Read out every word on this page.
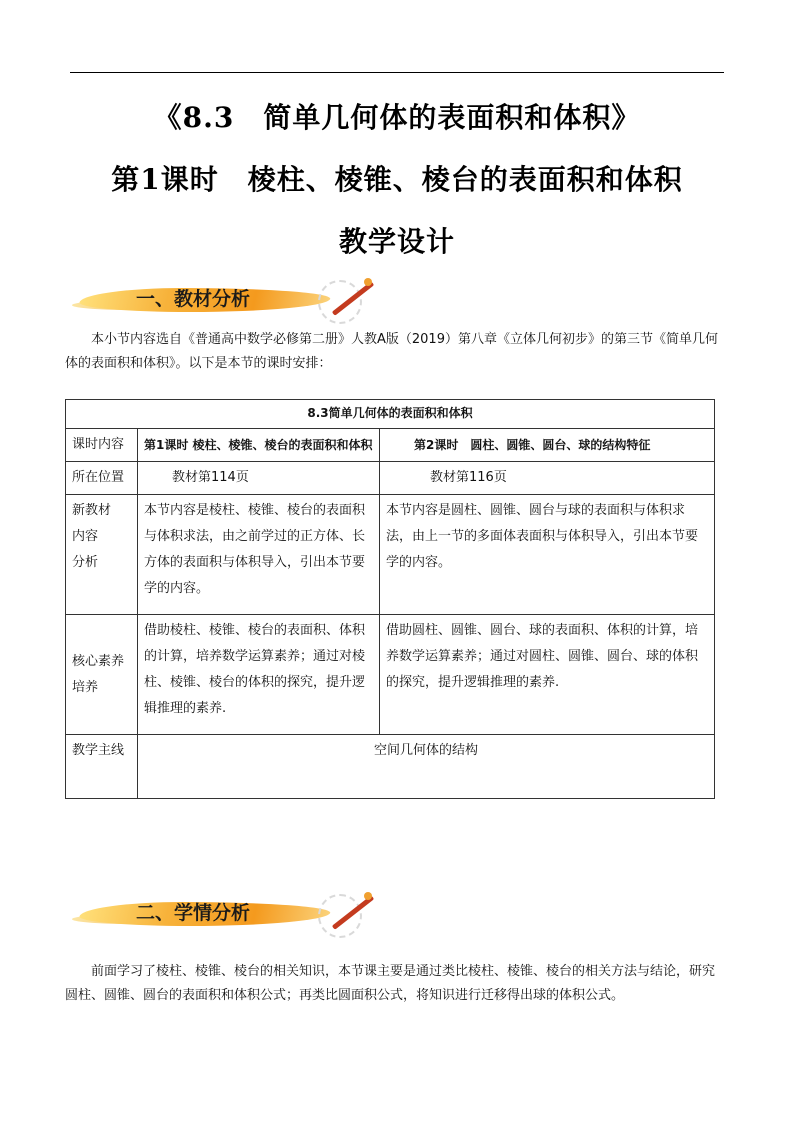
《8.3　简单几何体的表面积和体积》
第1课时　棱柱、棱锥、棱台的表面积和体积
教学设计
一、教材分析
本小节内容选自《普通高中数学必修第二册》人教A版（2019）第八章《立体几何初步》的第三节《简单几何体的表面积和体积》。以下是本节的课时安排：
8.3简单几何体的表面积和体积		
课时内容	第1课时 棱柱、棱锥、棱台的表面积和体积	第2课时　圆柱、圆锥、圆台、球的结构特征
所在位置	教材第114页	教材第116页

新教材
内容
分析	本节内容是棱柱、棱锥、棱台的表面积与体积求法，由之前学过的正方体、长方体的表面积与体积导入，引出本节要学的内容。	本节内容是圆柱、圆锥、圆台与球的表面积与体积求法，由上一节的多面体表面积与体积导入，引出本节要学的内容。
核心素养培养	借助棱柱、棱锥、棱台的表面积、体积的计算，培养数学运算素养；通过对棱柱、棱锥、棱台的体积的探究，提升逻辑推理的素养.	借助圆柱、圆锥、圆台、球的表面积、体积的计算，培养数学运算素养；通过对圆柱、圆锥、圆台、球的体积的探究，提升逻辑推理的素养.
教学主线	空间几何体的结构	
二、学情分析
前面学习了棱柱、棱锥、棱台的相关知识，本节课主要是通过类比棱柱、棱锥、棱台的相关方法与结论，研究圆柱、圆锥、圆台的表面积和体积公式；再类比圆面积公式，将知识进行迁移得出球的体积公式。
